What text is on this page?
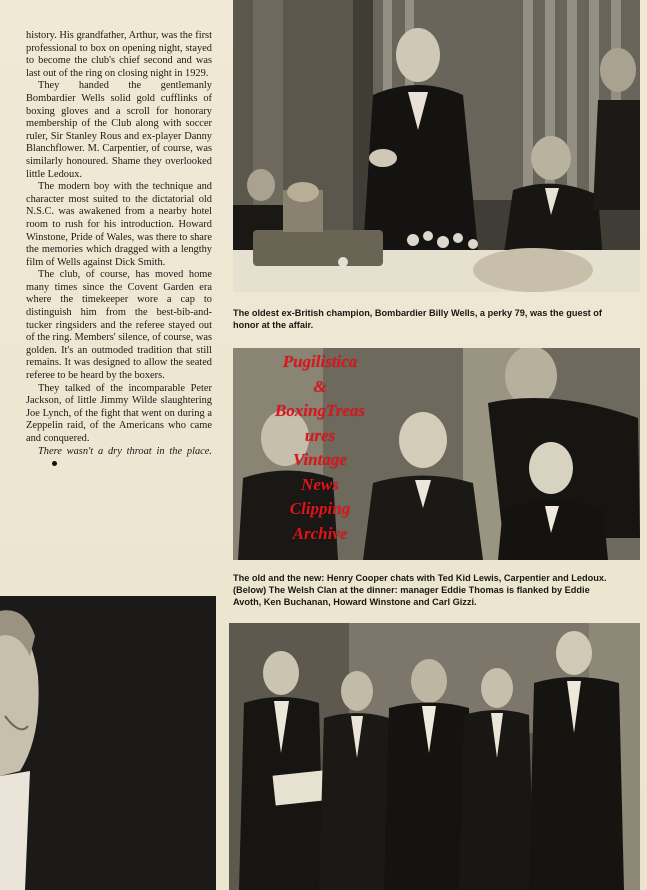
history. His grandfather, Arthur, was the first professional to box on opening night, stayed to become the club's chief second and was last out of the ring on closing night in 1929.

They handed the gentlemanly Bombardier Wells solid gold cufflinks of boxing gloves and a scroll for honorary membership of the Club along with soccer ruler, Sir Stanley Rous and ex-player Danny Blanchflower. M. Carpentier, of course, was similarly honoured. Shame they overlooked little Ledoux.

The modern boy with the technique and character most suited to the dictatorial old N.S.C. was awakened from a nearby hotel room to rush for his introduction. Howard Winstone, Pride of Wales, was there to share the memories which dragged with a lengthy film of Wells against Dick Smith.

The club, of course, has moved home many times since the Covent Garden era where the timekeeper wore a cap to distinguish him from the best-bib-and-tucker ringsiders and the referee stayed out of the ring. Members' silence, of course, was golden. It's an outmoded tradition that still remains. It was designed to allow the seated referee to be heard by the boxers.

They talked of the incomparable Peter Jackson, of little Jimmy Wilde slaughtering Joe Lynch, of the fight that went on during a Zeppelin raid, of the Americans who came and conquered.

There wasn't a dry throat in the place.

The oldest ex-British champion, Bombardier Billy Wells, a perky 79, was the guest of honor at the affair.
The old and the new: Henry Cooper chats with Ted Kid Lewis, Carpentier and Ledoux. (Below) The Welsh Clan at the dinner: manager Eddie Thomas is flanked by Eddie Avoth, Ken Buchanan, Howard Winstone and Carl Gizzi.
Pugilistica
&
BoxingTreas
ures
Vintage
News
Clipping
Archive
